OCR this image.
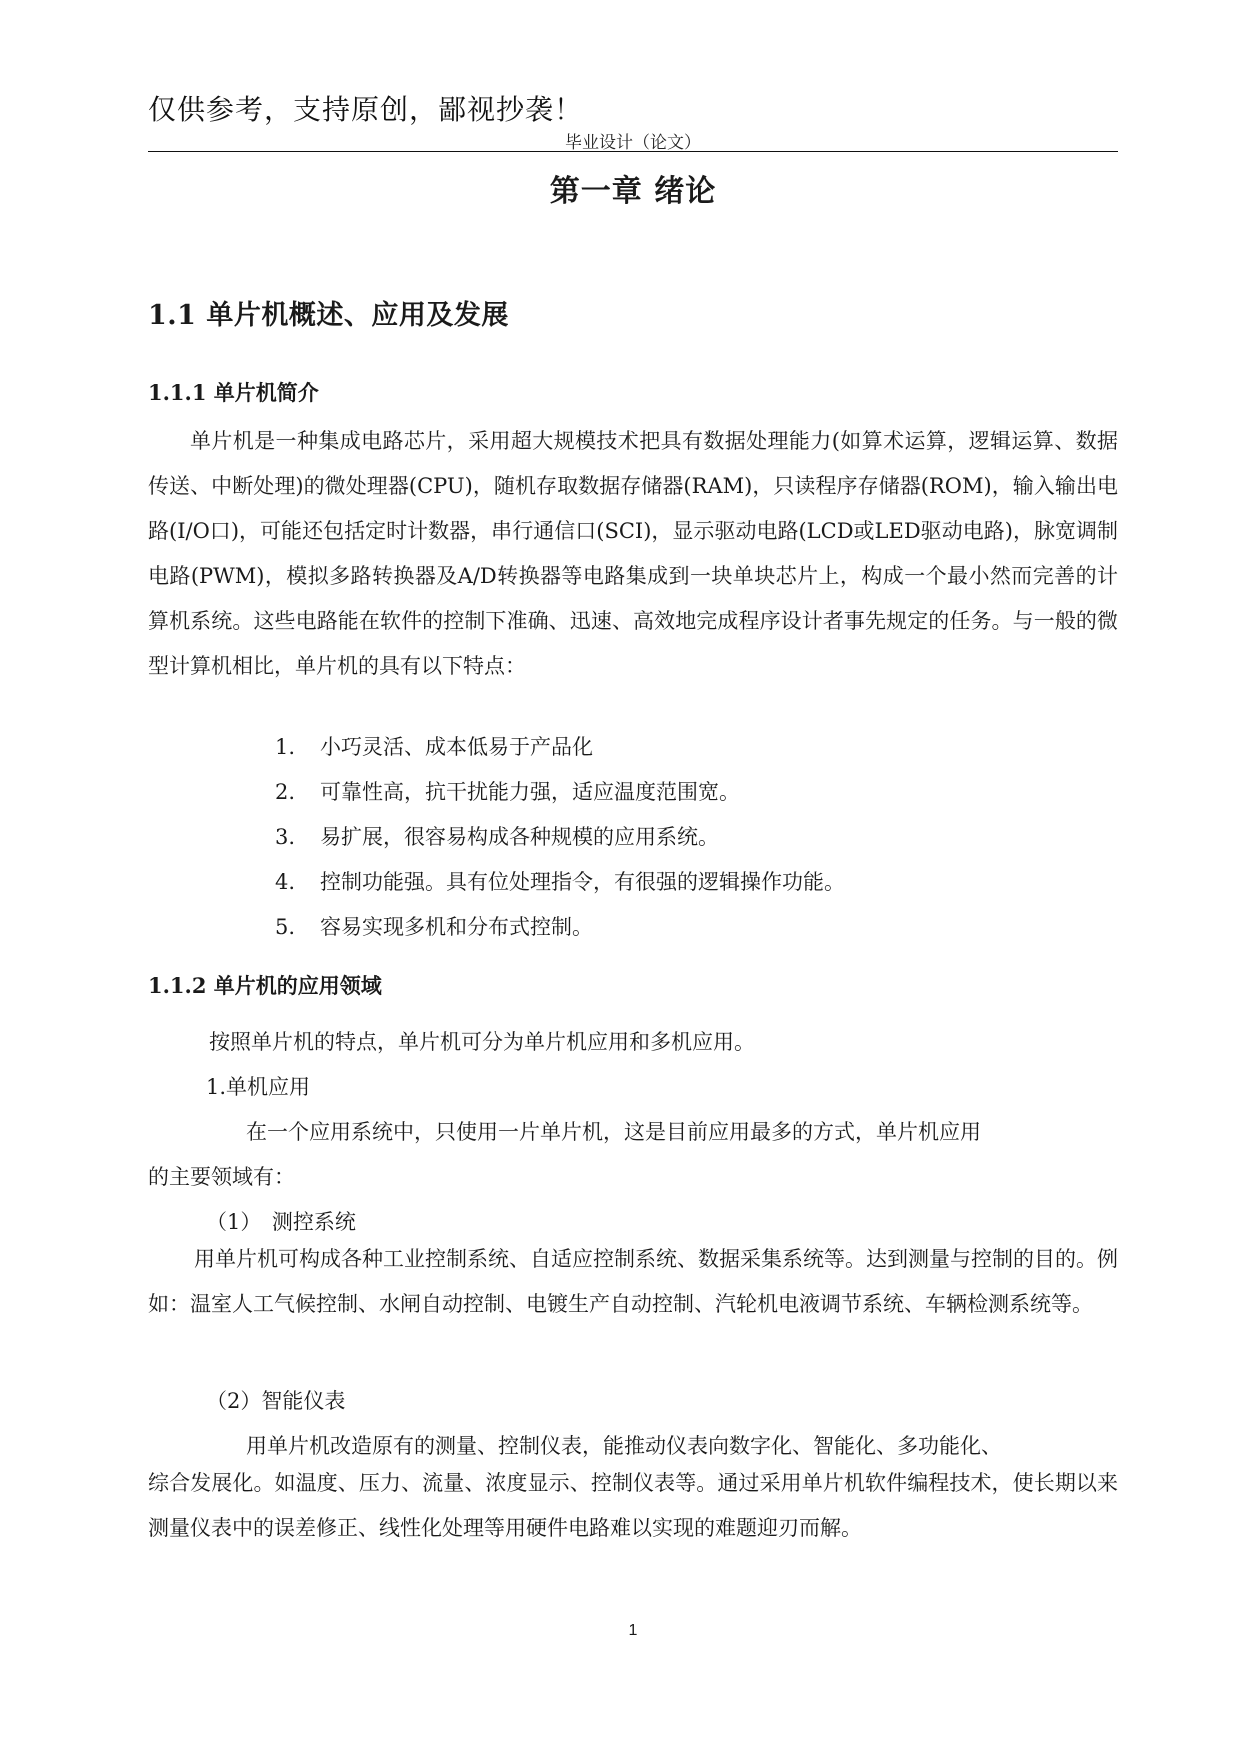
仅供参考，支持原创，鄙视抄袭！
毕业设计（论文）
第一章 绪论
1.1 单片机概述、应用及发展
1.1.1 单片机简介
单片机是一种集成电路芯片，采用超大规模技术把具有数据处理能力(如算术运算，逻辑运算、数据传送、中断处理)的微处理器(CPU)，随机存取数据存储器(RAM)，只读程序存储器(ROM)，输入输出电路(I/O口)，可能还包括定时计数器，串行通信口(SCI)，显示驱动电路(LCD或LED驱动电路)，脉宽调制电路(PWM)，模拟多路转换器及A/D转换器等电路集成到一块单块芯片上，构成一个最小然而完善的计算机系统。这些电路能在软件的控制下准确、迅速、高效地完成程序设计者事先规定的任务。与一般的微型计算机相比，单片机的具有以下特点：
1. 小巧灵活、成本低易于产品化
2. 可靠性高，抗干扰能力强，适应温度范围宽。
3. 易扩展，很容易构成各种规模的应用系统。
4. 控制功能强。具有位处理指令，有很强的逻辑操作功能。
5. 容易实现多机和分布式控制。
1.1.2 单片机的应用领域
按照单片机的特点，单片机可分为单片机应用和多机应用。
1.单机应用
在一个应用系统中，只使用一片单片机，这是目前应用最多的方式，单片机应用
的主要领域有：
（1）　测控系统
用单片机可构成各种工业控制系统、自适应控制系统、数据采集系统等。达到测量与控制的目的。例如：温室人工气候控制、水闸自动控制、电镀生产自动控制、汽轮机电液调节系统、车辆检测系统等。
（2）智能仪表
用单片机改造原有的测量、控制仪表，能推动仪表向数字化、智能化、多功能化、
综合发展化。如温度、压力、流量、浓度显示、控制仪表等。通过采用单片机软件编程技术，使长期以来测量仪表中的误差修正、线性化处理等用硬件电路难以实现的难题迎刃而解。
1
